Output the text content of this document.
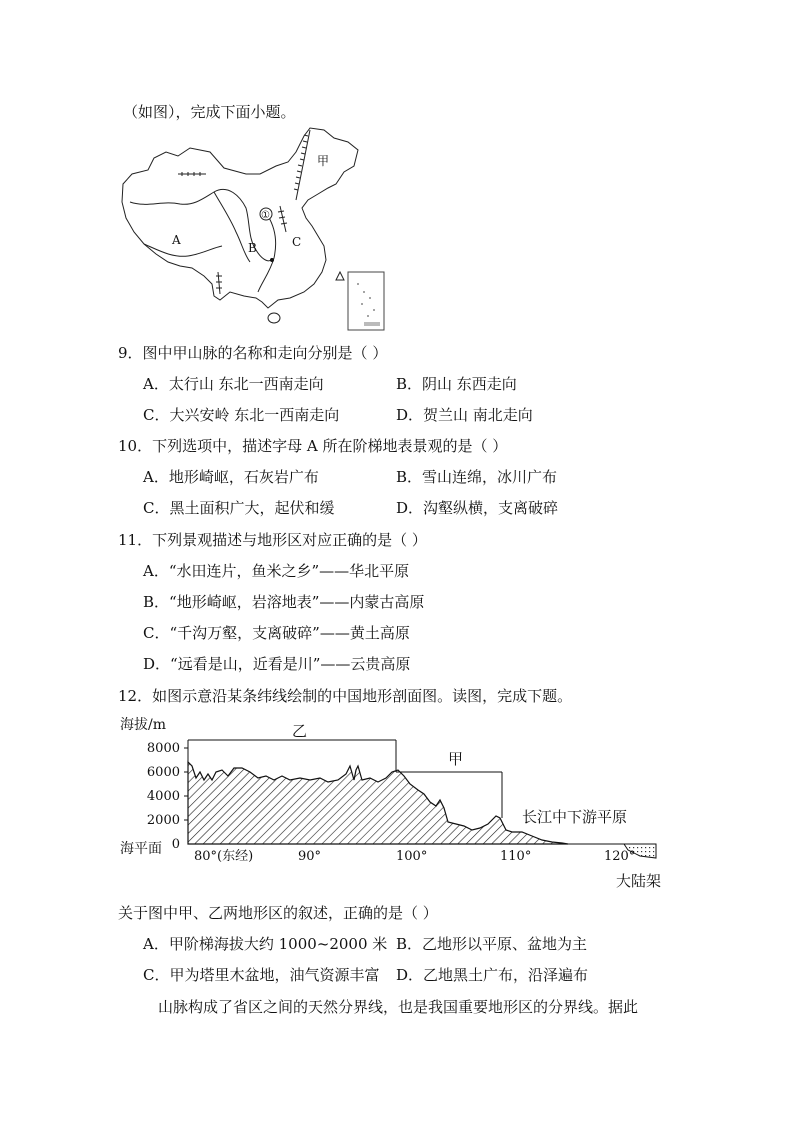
（如图），完成下面小题。
甲
①
A
B	C
9．图中甲山脉的名称和走向分别是（ ）
A．太行山 东北一西南走向	B．阴山 东西走向
C．大兴安岭 东北一西南走向	D．贺兰山 南北走向
10．下列选项中，描述字母 A 所在阶梯地表景观的是（ ）
A．地形崎岖，石灰岩广布	B．雪山连绵，冰川广布
C．黑土面积广大，起伏和缓	D．沟壑纵横，支离破碎
11．下列景观描述与地形区对应正确的是（ ）
A．“水田连片，鱼米之乡”——华北平原
B．“地形崎岖，岩溶地表”——内蒙古高原
C．“千沟万壑，支离破碎”——黄土高原
D．“远看是山，近看是川”——云贵高原
12．如图示意沿某条纬线绘制的中国地形剖面图。读图，完成下题。
海拔/m
8000
6000
4000
2000
0
海平面
乙
甲
长江中下游平原
80°(东经)	90°	100°	110°	120°
大陆架
关于图中甲、乙两地形区的叙述，正确的是（ ）
A．甲阶梯海拔大约 1000~2000 米 B．乙地形以平原、盆地为主
C．甲为塔里木盆地，油气资源丰富 D．乙地黑土广布，沿泽遍布
山脉构成了省区之间的天然分界线，也是我国重要地形区的分界线。据此
